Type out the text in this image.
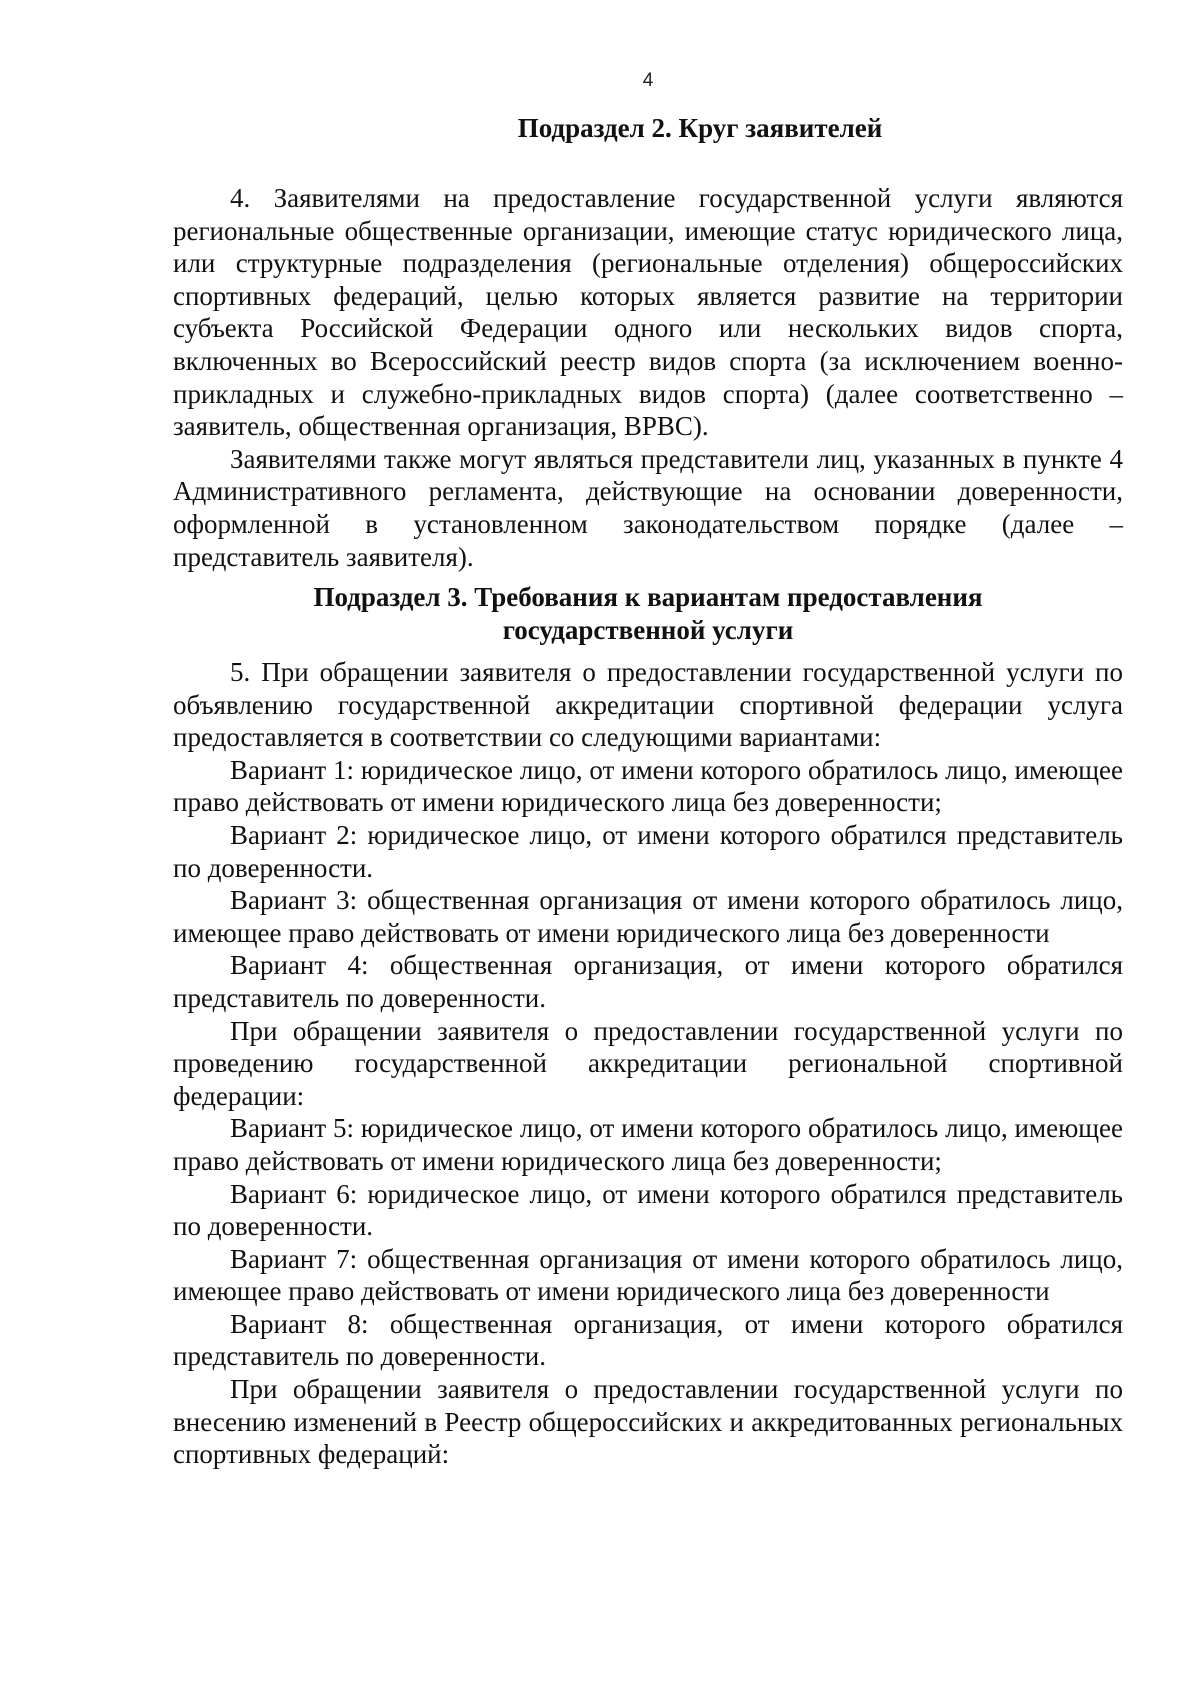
4
Подраздел 2. Круг заявителей

4. Заявителями на предоставление государственной услуги являются региональные общественные организации, имеющие статус юридического лица, или структурные подразделения (региональные отделения) общероссийских спортивных федераций, целью которых является развитие на территории субъекта Российской Федерации одного или нескольких видов спорта, включенных во Всероссийский реестр видов спорта (за исключением военно-прикладных и служебно-прикладных видов спорта) (далее соответственно – заявитель, общественная организация, ВРВС).

Заявителями также могут являться представители лиц, указанных в пункте 4 Административного регламента, действующие на основании доверенности, оформленной в установленном законодательством порядке (далее – представитель заявителя).

Подраздел 3. Требования к вариантам предоставления
государственной услуги

5. При обращении заявителя о предоставлении государственной услуги по объявлению государственной аккредитации спортивной федерации услуга предоставляется в соответствии со следующими вариантами:

Вариант 1: юридическое лицо, от имени которого обратилось лицо, имеющее право действовать от имени юридического лица без доверенности;

Вариант 2: юридическое лицо, от имени которого обратился представитель по доверенности.

Вариант 3: общественная организация от имени которого обратилось лицо, имеющее право действовать от имени юридического лица без доверенности

Вариант 4: общественная организация, от имени которого обратился представитель по доверенности.

При обращении заявителя о предоставлении государственной услуги по проведению государственной аккредитации региональной спортивной федерации:

Вариант 5: юридическое лицо, от имени которого обратилось лицо, имеющее право действовать от имени юридического лица без доверенности;

Вариант 6: юридическое лицо, от имени которого обратился представитель по доверенности.

Вариант 7: общественная организация от имени которого обратилось лицо, имеющее право действовать от имени юридического лица без доверенности

Вариант 8: общественная организация, от имени которого обратился представитель по доверенности.

При обращении заявителя о предоставлении государственной услуги по внесению изменений в Реестр общероссийских и аккредитованных региональных спортивных федераций:
